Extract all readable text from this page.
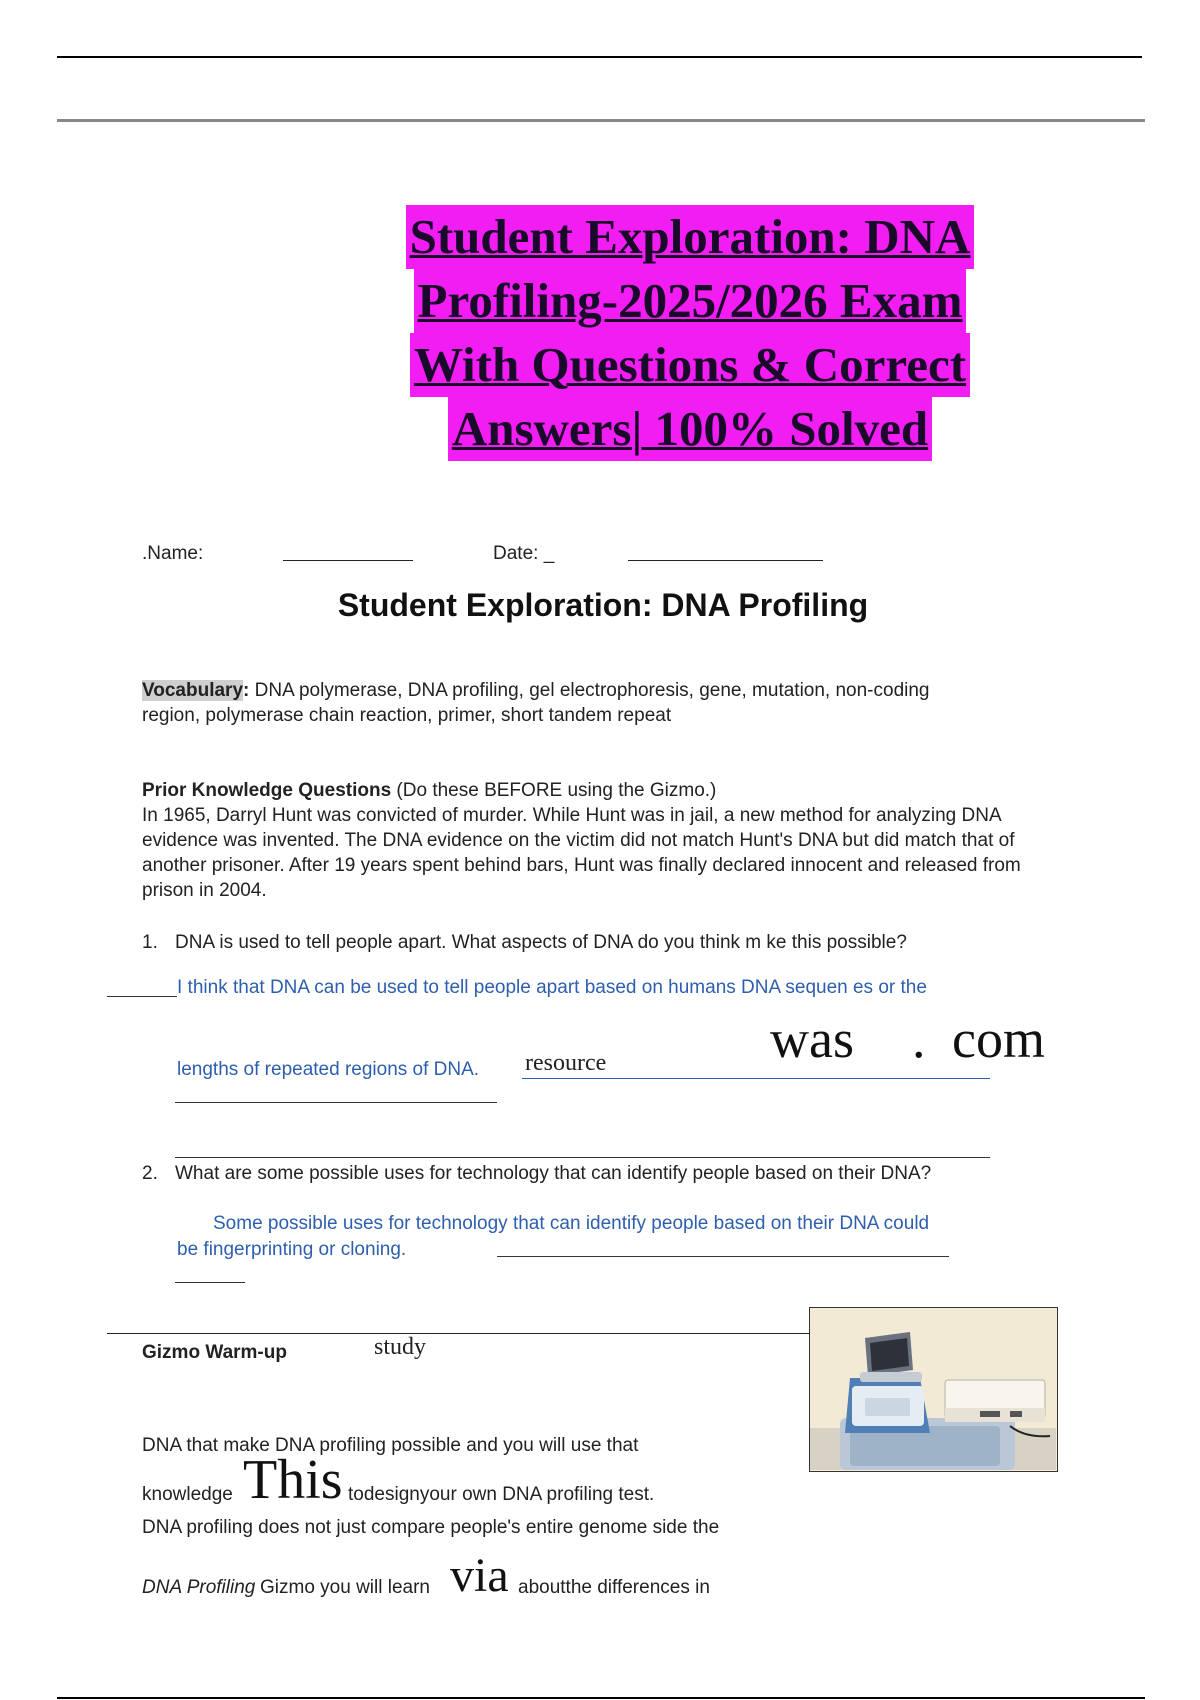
Student Exploration: DNA
Profiling-2025/2026 Exam
With Questions & Correct
Answers| 100% Solved
.Name:	Date: _
Student Exploration: DNA Profiling
Vocabulary: DNA polymerase, DNA profiling, gel electrophoresis, gene, mutation, non-coding region, polymerase chain reaction, primer, short tandem repeat
Prior Knowledge Questions (Do these BEFORE using the Gizmo.)
In 1965, Darryl Hunt was convicted of murder. While Hunt was in jail, a new method for analyzing DNA evidence was invented. The DNA evidence on the victim did not match Hunt's DNA but did match that of another prisoner. After 19 years spent behind bars, Hunt was finally declared innocent and released from prison in 2004.
1. DNA is used to tell people apart. What aspects of DNA do you think m ke this possible?
I think that DNA can be used to tell people apart based on humans DNA sequen es or the
lengths of repeated regions of DNA. resource	was . com
2. What are some possible uses for technology that can identify people based on their DNA?
Some possible uses for technology that can identify people based on their DNA could
be fingerprinting or cloning.
Gizmo Warm-up	study
DNA that make DNA profiling possible and you will use that
knowledge This todesignyour own DNA profiling test.
DNA profiling does not just compare people's entire genome side the
DNA Profiling Gizmo you will learn via aboutthe differences in
